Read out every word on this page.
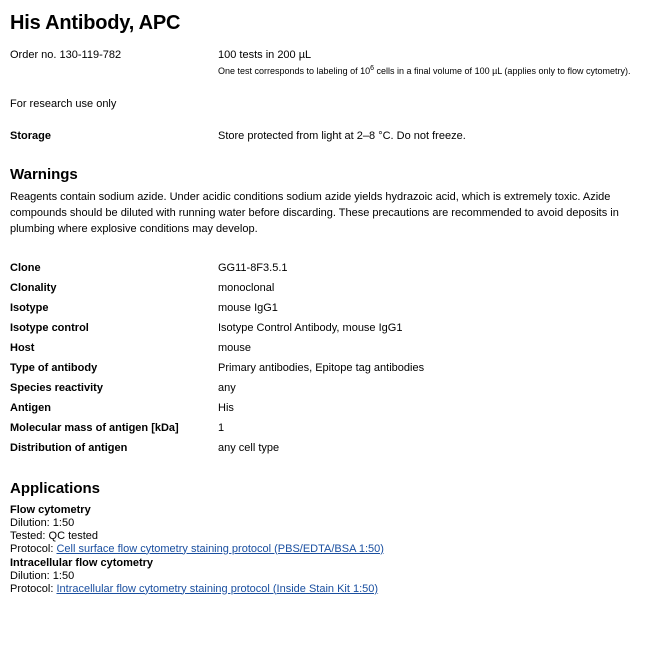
His Antibody, APC
Order no. 130-119-782	100 tests in 200 µL
One test corresponds to labeling of $10^6$ cells in a final volume of 100 µL (applies only to flow cytometry).
For research use only
Storage	Store protected from light at 2–8 °C. Do not freeze.
Warnings

Reagents contain sodium azide. Under acidic conditions sodium azide yields hydrazoic acid, which is extremely toxic. Azide compounds should be diluted with running water before discarding. These precautions are recommended to avoid deposits in plumbing where explosive conditions may develop.

Clone	GG11-8F3.5.1
Clonality	monoclonal
Isotype	mouse IgG1
Isotype control	Isotype Control Antibody, mouse IgG1
Host	mouse
Type of antibody	Primary antibodies, Epitope tag antibodies
Species reactivity	any
Antigen	His
Molecular mass of antigen [kDa]	1
Distribution of antigen	any cell type
Applications
Flow cytometry
Dilution: 1:50
Tested: QC tested
Protocol: Cell surface flow cytometry staining protocol (PBS/EDTA/BSA 1:50)
Intracellular flow cytometry
Dilution: 1:50
Protocol: Intracellular flow cytometry staining protocol (Inside Stain Kit 1:50)
